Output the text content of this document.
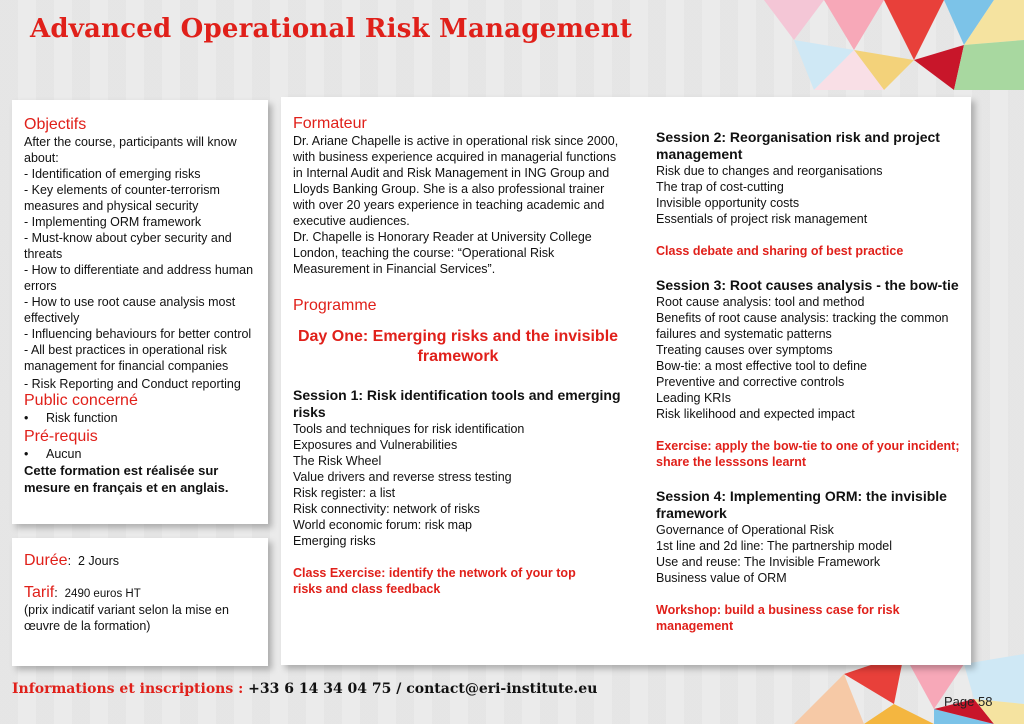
Advanced Operational Risk Management
Objectifs
After the course, participants will know about:
- Identification of emerging risks
- Key elements of counter-terrorism measures and physical security
- Implementing ORM framework
- Must-know about cyber security and threats
- How to differentiate and address human errors
- How to use root cause analysis most effectively
- Influencing behaviours for better control
- All best practices in operational risk management for financial companies
- Risk Reporting and Conduct reporting
Public concerné
•	Risk function
Pré-requis
•	Aucun
Cette formation est réalisée sur mesure en français et en anglais.
Durée:  2 Jours
Tarif:  2490 euros HT
(prix indicatif variant selon la mise en œuvre de la formation)
Formateur
Dr. Ariane Chapelle is active in operational risk since 2000, with business experience acquired in managerial functions in Internal Audit and Risk Management in ING Group and Lloyds Banking Group. She is a also professional trainer with over 20 years experience in teaching academic and executive audiences.
Dr. Chapelle is Honorary Reader at University College London, teaching the course: “Operational Risk Measurement in Financial Services”.
Programme
Day One: Emerging risks and the invisible framework
Session 1: Risk identification tools and emerging risks
Tools and techniques for risk identification
Exposures and Vulnerabilities
The Risk Wheel
Value drivers and reverse stress testing
Risk register: a list
Risk connectivity: network of risks
World economic forum: risk map
Emerging risks
Class Exercise: identify the network of your top risks and class feedback
Session 2: Reorganisation risk and project management
Risk due to changes and reorganisations
The trap of cost-cutting
Invisible opportunity costs
Essentials of project risk management
Class debate and sharing of best practice
Session 3: Root causes analysis - the bow-tie
Root cause analysis: tool and method
Benefits of root cause analysis: tracking the common failures and systematic patterns
Treating causes over symptoms
Bow-tie: a most effective tool to define
Preventive and corrective controls
Leading KRIs
Risk likelihood and expected impact
Exercise: apply the bow-tie to one of your incident; share the lesssons learnt
Session 4: Implementing ORM: the invisible framework
Governance of Operational Risk
1st line and 2d line: The partnership model
Use and reuse: The Invisible Framework
Business value of ORM
Workshop: build a business case for risk management
Informations et inscriptions : +33 6 14 34 04 75 / contact@eri-institute.eu
Page 58
